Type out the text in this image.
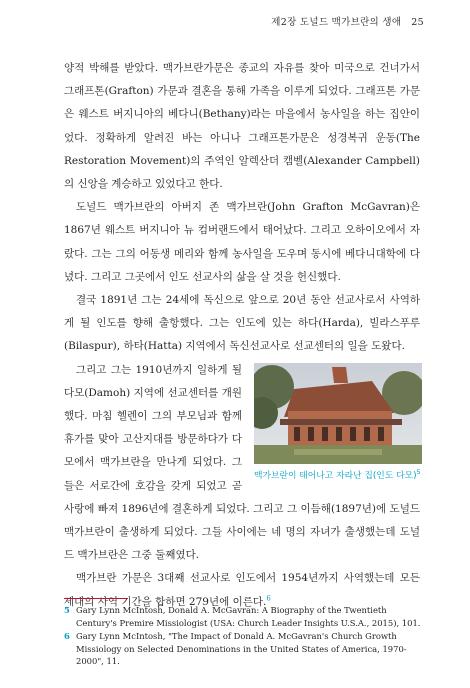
제2장 도널드 맥가브란의 생애 25

양적 박해를 받았다. 맥가브란가문은 종교의 자유를 찾아 미국으로 건너가서 그래프톤(Grafton) 가문과 결혼을 통해 가족을 이루게 되었다. 그래프톤 가문은 웨스트 버지니아의 베다니(Bethany)라는 마을에서 농사일을 하는 집안이었다. 정확하게 알려진 바는 아니나 그래프톤가문은 성경복귀 운동(The Restoration Movement)의 주역인 알렉산더 캠벨(Alexander Campbell)의 신앙을 계승하고 있었다고 한다.

도널드 맥가브란의 아버지 존 맥가브란(John Grafton McGavran)은 1867년 웨스트 버지니아 뉴 컴버랜드에서 태어났다. 그리고 오하이오에서 자랐다. 그는 그의 어동생 메리와 함께 농사일을 도우며 동시에 베다니대학에 다녔다. 그리고 그곳에서 인도 선교사의 삶을 살 것을 헌신했다.

결국 1891년 그는 24세에 독신으로 앞으로 20년 동안 선교사로서 사역하게 될 인도를 향해 출항했다. 그는 인도에 있는 하다(Harda), 빌라스푸루(Bilaspur), 하타(Hatta) 지역에서 독신선교사로 선교센터의 일을 도왔다.

맥가브란이 태어나고 자라난 집(인도 다모)$^5$

그리고 그는 1910년까지 일하게 될 다모(Damoh) 지역에 선교센터를 개원했다. 마침 헬렌이 그의 부모님과 함께 휴가를 맞아 고산지대를 방문하다가 다모에서 맥가브란을 만나게 되었다. 그들은 서로간에 호감을 갖게 되었고 곧 사랑에 빠져 1896년에 결혼하게 되었다. 그리고 그 이듬해(1897년)에 도널드 맥가브란이 출생하게 되었다. 그들 사이에는 네 명의 자녀가 출생했는데 도널드 맥가브란은 그중 둘째였다.

맥가브란 가문은 3대째 선교사로 인도에서 1954년까지 사역했는데 모든 세대의 사역 기간을 합하면 279년에 이른다.$^6$

5 Gary Lynn McIntosh, Donald A. McGavran: A Biography of the Twentieth Century's Premire Missiologist (USA: Church Leader Insights U.S.A., 2015), 101.
6 Gary Lynn McIntosh, "The Impact of Donald A. McGavran's Church Growth Missiology on Selected Denominations in the United States of America, 1970-2000", 11.
